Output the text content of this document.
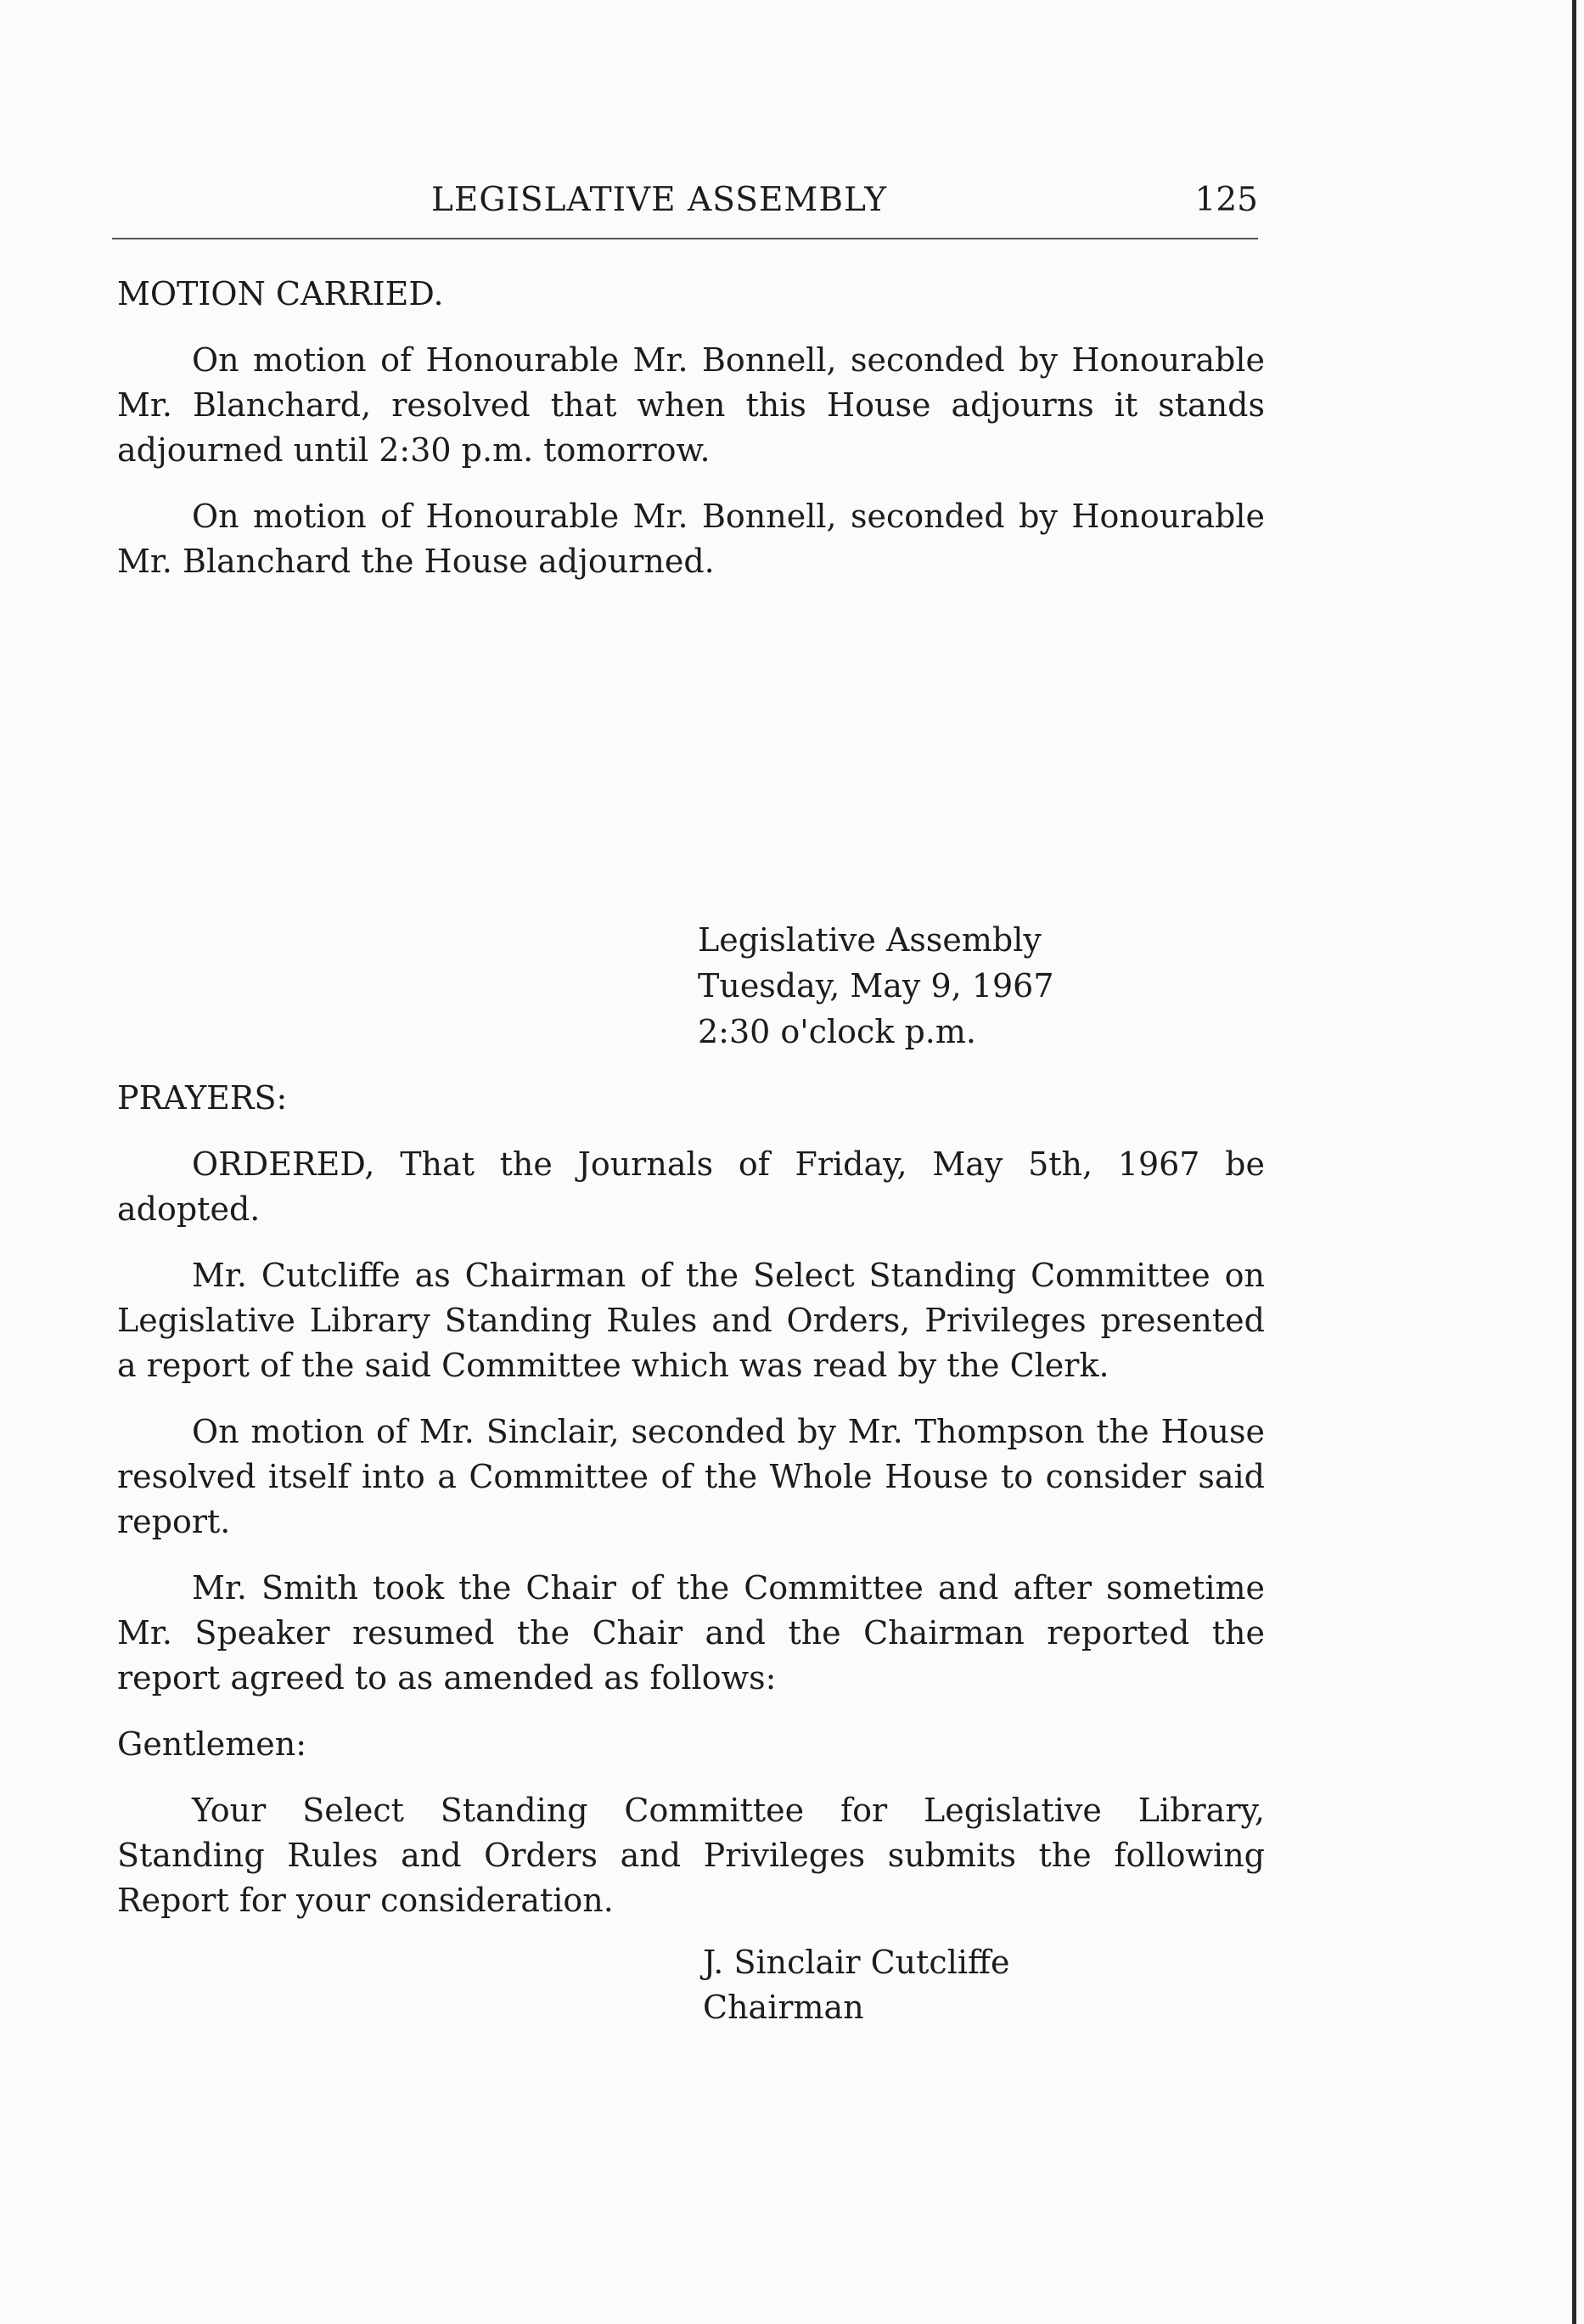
LEGISLATIVE ASSEMBLY	125

MOTION CARRIED.

On motion of Honourable Mr. Bonnell, seconded by Honourable Mr. Blanchard, resolved that when this House adjourns it stands adjourned until 2:30 p.m. tomorrow.

On motion of Honourable Mr. Bonnell, seconded by Honourable Mr. Blanchard the House adjourned.

Legislative Assembly
Tuesday, May 9, 1967
2:30 o'clock p.m.

PRAYERS:

ORDERED, That the Journals of Friday, May 5th, 1967 be adopted.

Mr. Cutcliffe as Chairman of the Select Standing Committee on Legislative Library Standing Rules and Orders, Privileges presented a report of the said Committee which was read by the Clerk.

On motion of Mr. Sinclair, seconded by Mr. Thompson the House resolved itself into a Committee of the Whole House to consider said report.

Mr. Smith took the Chair of the Committee and after sometime Mr. Speaker resumed the Chair and the Chairman reported the report agreed to as amended as follows:

Gentlemen:

Your Select Standing Committee for Legislative Library, Standing Rules and Orders and Privileges submits the following Report for your consideration.

J. Sinclair Cutcliffe
Chairman
